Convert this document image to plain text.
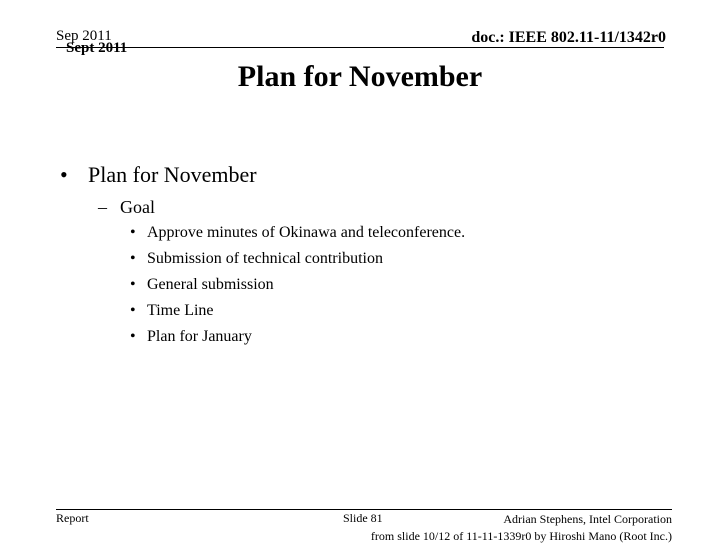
Sep 2011
Sept 2011
doc.: IEEE 802.11-11/1342r0
Plan for November
• Plan for November
– Goal
• Approve minutes of Okinawa and teleconference.
• Submission of technical contribution
• General submission
• Time Line
• Plan for January
Report	Slide 81	Adrian Stephens, Intel Corporation
from slide 10/12 of 11-11-1339r0 by Hiroshi Mano (Root Inc.)
